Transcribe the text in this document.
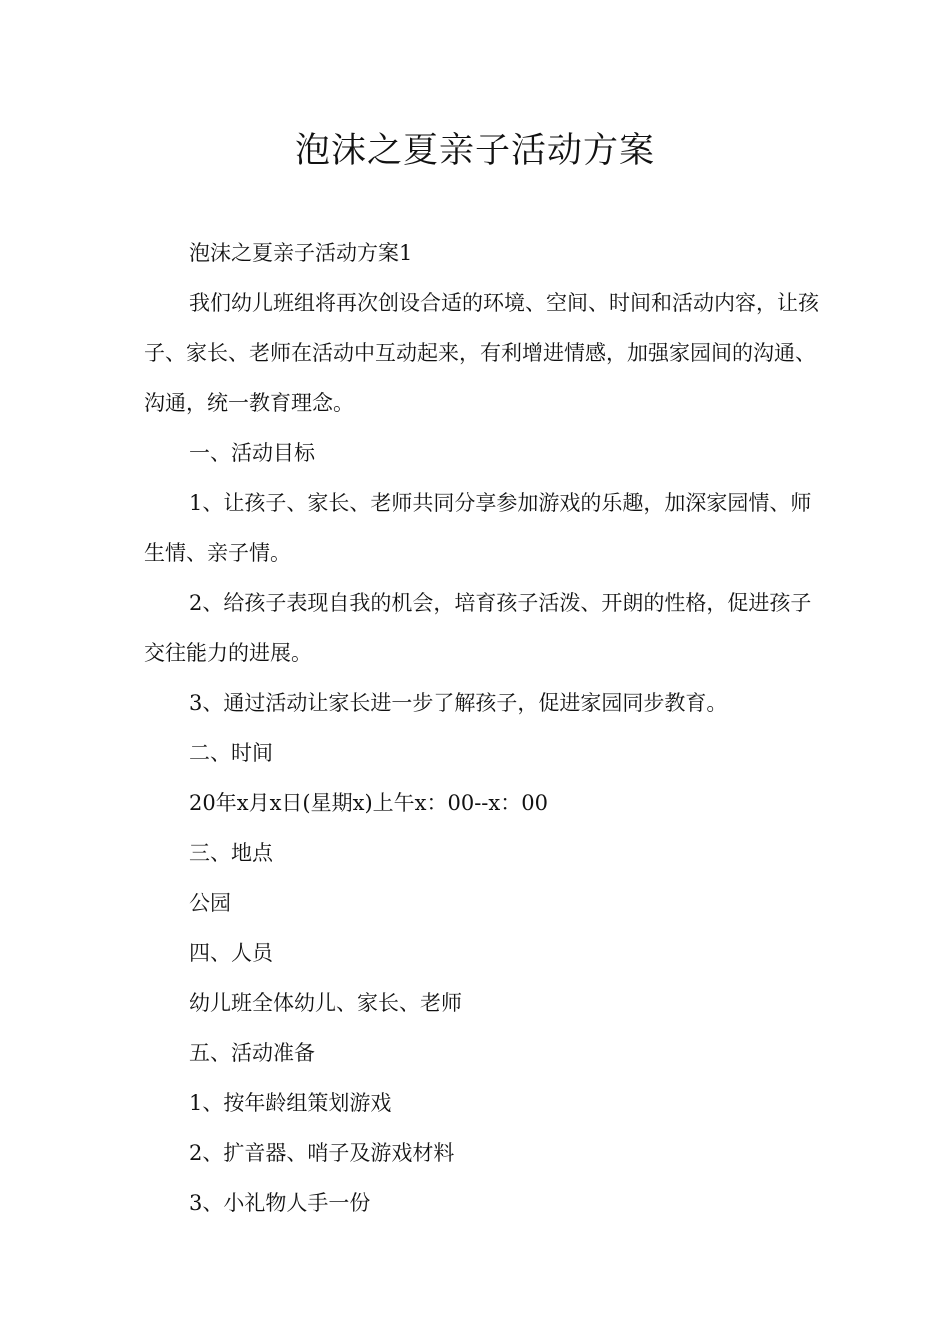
泡沫之夏亲子活动方案

泡沫之夏亲子活动方案1

我们幼儿班组将再次创设合适的环境、空间、时间和活动内容，让孩子、家长、老师在活动中互动起来，有利增进情感，加强家园间的沟通、沟通，统一教育理念。

一、活动目标

1、让孩子、家长、老师共同分享参加游戏的乐趣，加深家园情、师生情、亲子情。

2、给孩子表现自我的机会，培育孩子活泼、开朗的性格，促进孩子交往能力的进展。

3、通过活动让家长进一步了解孩子，促进家园同步教育。

二、时间

20年x月x日(星期x)上午x：00--x：00

三、地点

公园

四、人员

幼儿班全体幼儿、家长、老师

五、活动准备

1、按年龄组策划游戏

2、扩音器、哨子及游戏材料

3、小礼物人手一份
